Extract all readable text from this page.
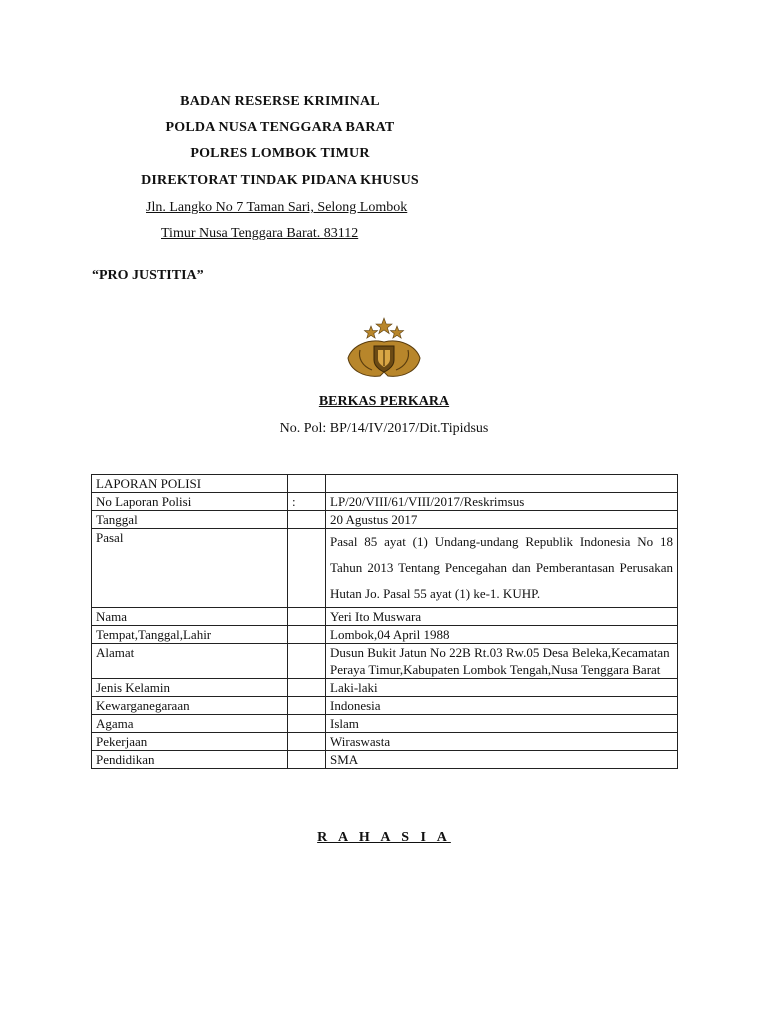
BADAN RESERSE KRIMINAL
POLDA NUSA TENGGARA BARAT
POLRES LOMBOK TIMUR
DIREKTORAT TINDAK PIDANA KHUSUS
Jln. Langko No 7 Taman Sari, Selong Lombok
Timur Nusa Tenggara Barat. 83112
“PRO JUSTITIA”
BERKAS PERKARA
No. Pol: BP/14/IV/2017/Dit.Tipidsus
LAPORAN POLISI		
No Laporan Polisi	:	LP/20/VIII/61/VIII/2017/Reskrimsus
Tanggal		20 Agustus 2017
Pasal		Pasal 85 ayat (1) Undang-undang Republik Indonesia No 18 Tahun 2013 Tentang Pencegahan dan Pemberantasan Perusakan Hutan Jo. Pasal 55 ayat (1) ke-1. KUHP.
Nama		Yeri Ito Muswara
Tempat,Tanggal,Lahir		Lombok,04 April 1988
Alamat		Dusun Bukit Jatun No 22B Rt.03 Rw.05 Desa Beleka,Kecamatan Peraya Timur,Kabupaten Lombok Tengah,Nusa Tenggara Barat
Jenis Kelamin		Laki-laki
Kewarganegaraan		Indonesia
Agama		Islam
Pekerjaan		Wiraswasta
Pendidikan		SMA
R A H A S I A
